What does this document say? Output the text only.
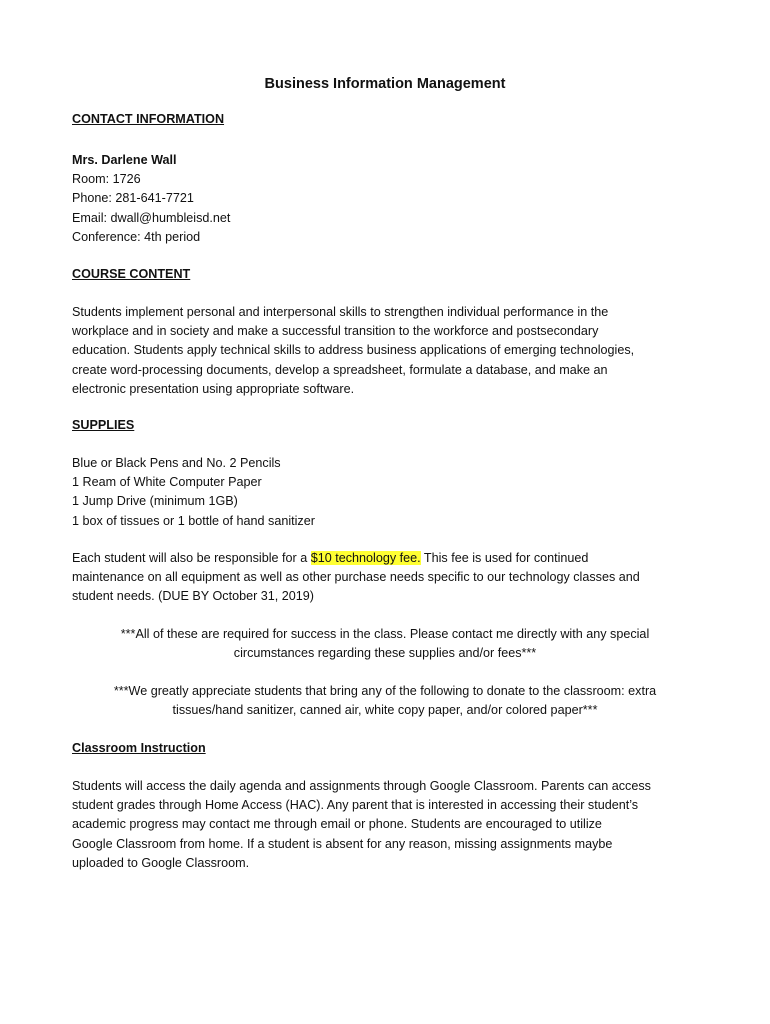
Business Information Management
CONTACT INFORMATION
Mrs. Darlene Wall
Room: 1726
Phone: 281-641-7721
Email: dwall@humbleisd.net
Conference: 4th period
COURSE CONTENT
Students implement personal and interpersonal skills to strengthen individual performance in the
workplace and in society and make a successful transition to the workforce and postsecondary
education. Students apply technical skills to address business applications of emerging technologies,
create word-processing documents, develop a spreadsheet, formulate a database, and make an
electronic presentation using appropriate software.
SUPPLIES
Blue or Black Pens and No. 2 Pencils
1 Ream of White Computer Paper
1 Jump Drive (minimum 1GB)
1 box of tissues or 1 bottle of hand sanitizer
Each student will also be responsible for a $10 technology fee. This fee is used for continued
maintenance on all equipment as well as other purchase needs specific to our technology classes and
student needs. (DUE BY October 31, 2019)
***All of these are required for success in the class. Please contact me directly with any special
circumstances regarding these supplies and/or fees***
***We greatly appreciate students that bring any of the following to donate to the classroom: extra
tissues/hand sanitizer, canned air, white copy paper, and/or colored paper***
Classroom Instruction
Students will access the daily agenda and assignments through Google Classroom. Parents can access
student grades through Home Access (HAC). Any parent that is interested in accessing their student’s
academic progress may contact me through email or phone. Students are encouraged to utilize
Google Classroom from home. If a student is absent for any reason, missing assignments maybe
uploaded to Google Classroom.
